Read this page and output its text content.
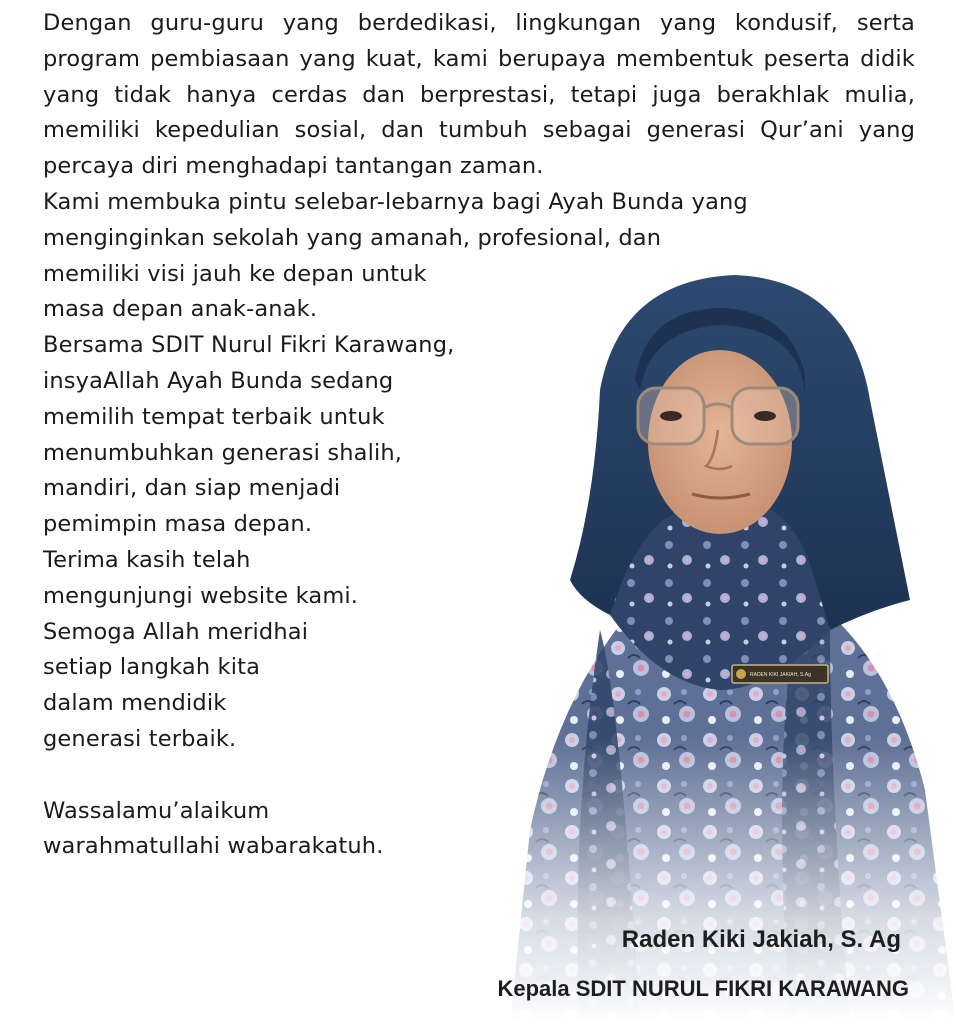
Dengan guru-guru yang berdedikasi, lingkungan yang kondusif, serta program pembiasaan yang kuat, kami berupaya membentuk peserta didik yang tidak hanya cerdas dan berprestasi, tetapi juga berakhlak mulia, memiliki kepedulian sosial, dan tumbuh sebagai generasi Qur’ani yang percaya diri menghadapi tantangan zaman.

Kami membuka pintu selebar-lebarnya bagi Ayah Bunda yang
menginginkan sekolah yang amanah, profesional, dan
memiliki visi jauh ke depan untuk
masa depan anak-anak.
Bersama SDIT Nurul Fikri Karawang,
insyaAllah Ayah Bunda sedang
memilih tempat terbaik untuk
menumbuhkan generasi shalih,
mandiri, dan siap menjadi
pemimpin masa depan.
Terima kasih telah
mengunjungi website kami.
Semoga Allah meridhai
setiap langkah kita
dalam mendidik
generasi terbaik.
Wassalamu’alaikum
warahmatullahi wabarakatuh.
Raden Kiki Jakiah, S. Ag
Kepala SDIT NURUL FIKRI KARAWANG
